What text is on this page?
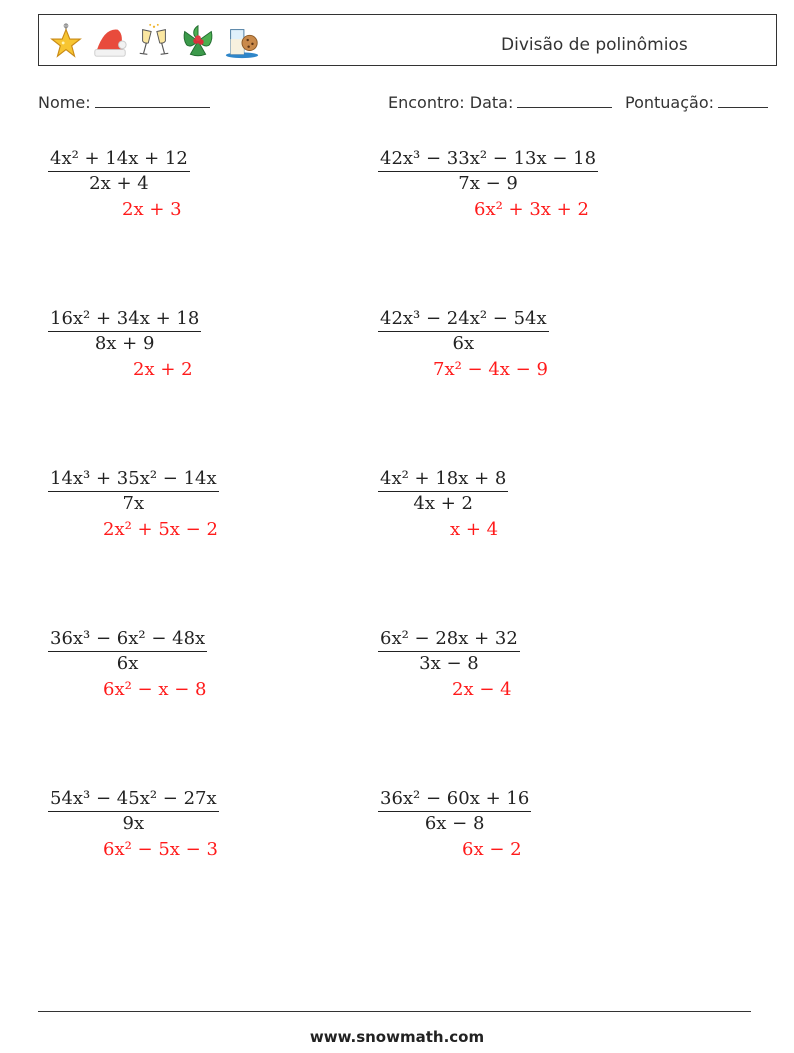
Divisão de polinômios
Nome:	Encontro: Data:	Pontuação:
$\frac{\text{4x² + 14x + 12}}{2x + 4}$
2x + 3
$\frac{\text{42x³ − 33x² − 13x − 18}}{7x - 9}$
6x² + 3x + 2
$\frac{\text{16x² + 34x + 18}}{8x + 9}$
2x + 2
$\frac{\text{42x³ − 24x² − 54x}}{6x}$
7x² − 4x − 9
$\frac{\text{14x³ + 35x² − 14x}}{7x}$
2x² + 5x − 2
$\frac{\text{4x² + 18x + 8}}{4x + 2}$
x + 4
$\frac{\text{36x³ − 6x² − 48x}}{6x}$
6x² − x − 8
$\frac{\text{6x² − 28x + 32}}{3x - 8}$
2x − 4
$\frac{\text{54x³ − 45x² − 27x}}{9x}$
6x² − 5x − 3
$\frac{\text{36x² − 60x + 16}}{6x - 8}$
6x − 2
www.snowmath.com
